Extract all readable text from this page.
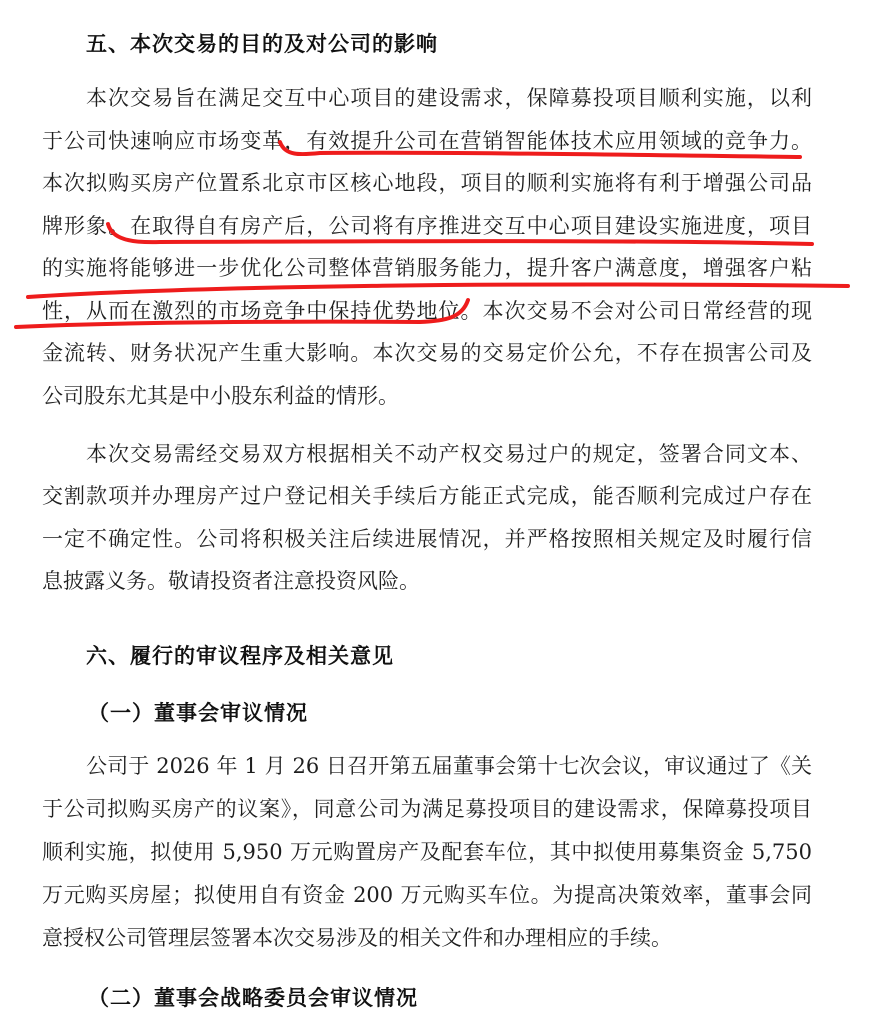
五、本次交易的目的及对公司的影响
本次交易旨在满足交互中心项目的建设需求，保障募投项目顺利实施，以利
于公司快速响应市场变革，有效提升公司在营销智能体技术应用领域的竞争力。
本次拟购买房产位置系北京市区核心地段，项目的顺利实施将有利于增强公司品
牌形象。在取得自有房产后，公司将有序推进交互中心项目建设实施进度，项目
的实施将能够进一步优化公司整体营销服务能力，提升客户满意度，增强客户粘
性，从而在激烈的市场竞争中保持优势地位。本次交易不会对公司日常经营的现
金流转、财务状况产生重大影响。本次交易的交易定价公允，不存在损害公司及
公司股东尤其是中小股东利益的情形。
本次交易需经交易双方根据相关不动产权交易过户的规定，签署合同文本、
交割款项并办理房产过户登记相关手续后方能正式完成，能否顺利完成过户存在
一定不确定性。公司将积极关注后续进展情况，并严格按照相关规定及时履行信
息披露义务。敬请投资者注意投资风险。
六、履行的审议程序及相关意见
（一）董事会审议情况
公司于 2026 年 1 月 26 日召开第五届董事会第十七次会议，审议通过了《关
于公司拟购买房产的议案》，同意公司为满足募投项目的建设需求，保障募投项目
顺利实施，拟使用 5,950 万元购置房产及配套车位，其中拟使用募集资金 5,750
万元购买房屋；拟使用自有资金 200 万元购买车位。为提高决策效率，董事会同
意授权公司管理层签署本次交易涉及的相关文件和办理相应的手续。
（二）董事会战略委员会审议情况
